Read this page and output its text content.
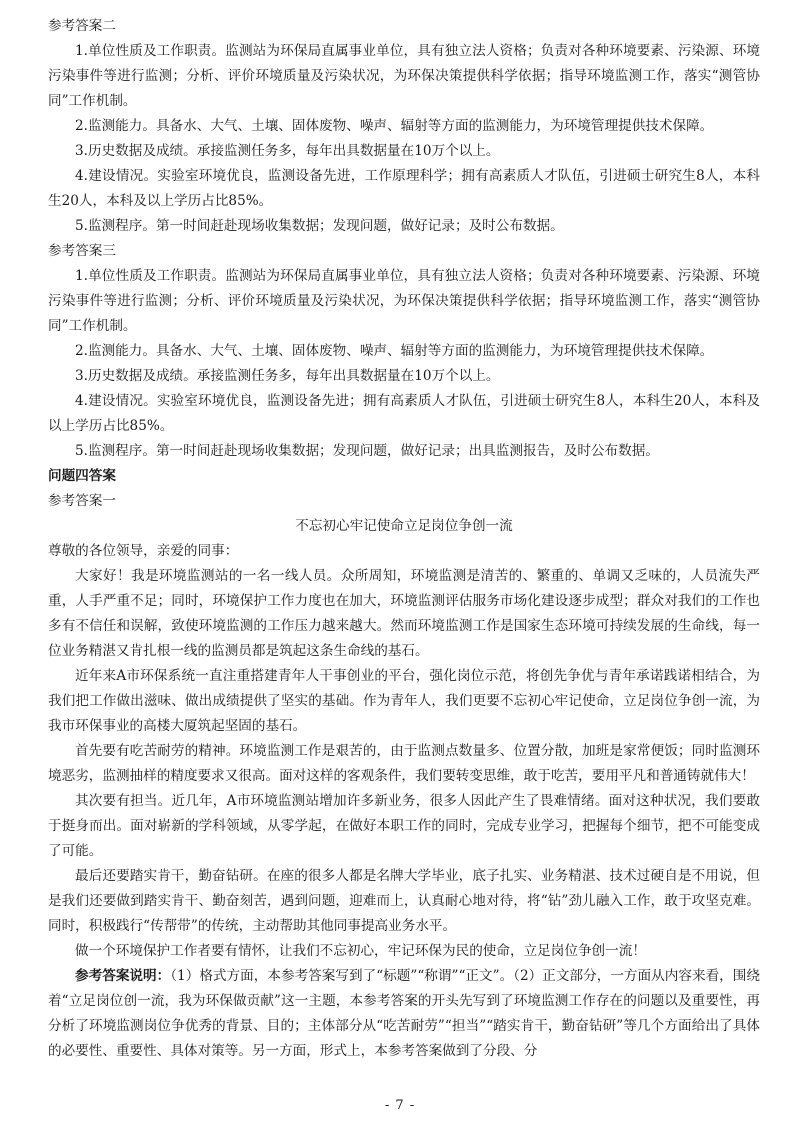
参考答案二

1.单位性质及工作职责。监测站为环保局直属事业单位，具有独立法人资格；负责对各种环境要素、污染源、环境污染事件等进行监测；分析、评价环境质量及污染状况，为环保决策提供科学依据；指导环境监测工作，落实“测管协同”工作机制。

2.监测能力。具备水、大气、土壤、固体废物、噪声、辐射等方面的监测能力，为环境管理提供技术保障。

3.历史数据及成绩。承接监测任务多，每年出具数据量在10万个以上。

4.建设情况。实验室环境优良，监测设备先进，工作原理科学；拥有高素质人才队伍，引进硕士研究生8人，本科生20人，本科及以上学历占比85%。

5.监测程序。第一时间赶赴现场收集数据；发现问题，做好记录；及时公布数据。

参考答案三

1.单位性质及工作职责。监测站为环保局直属事业单位，具有独立法人资格；负责对各种环境要素、污染源、环境污染事件等进行监测；分析、评价环境质量及污染状况，为环保决策提供科学依据；指导环境监测工作，落实“测管协同”工作机制。

2.监测能力。具备水、大气、土壤、固体废物、噪声、辐射等方面的监测能力，为环境管理提供技术保障。

3.历史数据及成绩。承接监测任务多，每年出具数据量在10万个以上。

4.建设情况。实验室环境优良，监测设备先进；拥有高素质人才队伍，引进硕士研究生8人，本科生20人，本科及以上学历占比85%。

5.监测程序。第一时间赶赴现场收集数据；发现问题，做好记录；出具监测报告，及时公布数据。

问题四答案

参考答案一

不忘初心牢记使命立足岗位争创一流

尊敬的各位领导，亲爱的同事：

大家好！我是环境监测站的一名一线人员。众所周知，环境监测是清苦的、繁重的、单调又乏味的，人员流失严重，人手严重不足；同时，环境保护工作力度也在加大，环境监测评估服务市场化建设逐步成型；群众对我们的工作也多有不信任和误解，致使环境监测的工作压力越来越大。然而环境监测工作是国家生态环境可持续发展的生命线，每一位业务精湛又肯扎根一线的监测员都是筑起这条生命线的基石。

近年来A市环保系统一直注重搭建青年人干事创业的平台，强化岗位示范，将创先争优与青年承诺践诺相结合，为我们把工作做出滋味、做出成绩提供了坚实的基础。作为青年人，我们更要不忘初心牢记使命，立足岗位争创一流，为我市环保事业的高楼大厦筑起坚固的基石。

首先要有吃苦耐劳的精神。环境监测工作是艰苦的，由于监测点数量多、位置分散，加班是家常便饭；同时监测环境恶劣，监测抽样的精度要求又很高。面对这样的客观条件，我们要转变思维，敢于吃苦，要用平凡和普通铸就伟大！

其次要有担当。近几年，A市环境监测站增加许多新业务，很多人因此产生了畏难情绪。面对这种状况，我们要敢于挺身而出。面对崭新的学科领域，从零学起，在做好本职工作的同时，完成专业学习，把握每个细节，把不可能变成了可能。

最后还要踏实肯干，勤奋钻研。在座的很多人都是名牌大学毕业，底子扎实、业务精湛、技术过硬自是不用说，但是我们还要做到踏实肯干、勤奋刻苦，遇到问题，迎难而上，认真耐心地对待，将“钻”劲儿融入工作，敢于攻坚克难。同时，积极践行“传帮带”的传统，主动帮助其他同事提高业务水平。

做一个环境保护工作者要有情怀，让我们不忘初心，牢记环保为民的使命，立足岗位争创一流！

参考答案说明：（1）格式方面，本参考答案写到了“标题”“称谓”“正文”。（2）正文部分，一方面从内容来看，围绕着“立足岗位创一流，我为环保做贡献”这一主题，本参考答案的开头先写到了环境监测工作存在的问题以及重要性，再分析了环境监测岗位争优秀的背景、目的；主体部分从“吃苦耐劳”“担当”“踏实肯干，勤奋钻研”等几个方面给出了具体的必要性、重要性、具体对策等。另一方面，形式上，本参考答案做到了分段、分

- 7 -
